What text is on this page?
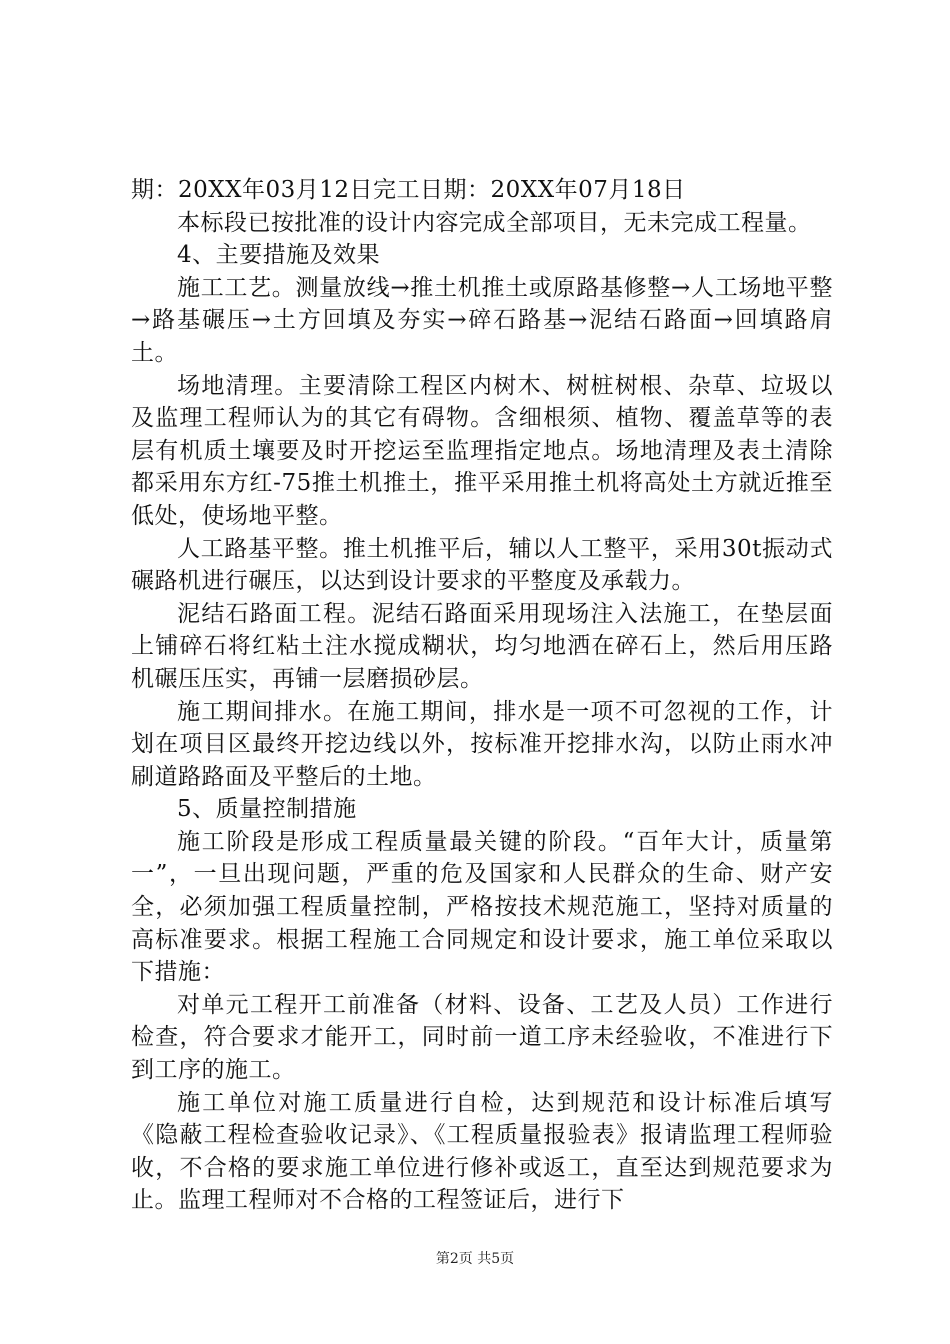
期：20XX年03月12日完工日期：20XX年07月18日

本标段已按批准的设计内容完成全部项目，无未完成工程量。

4、主要措施及效果

施工工艺。测量放线→推土机推土或原路基修整→人工场地平整→路基碾压→土方回填及夯实→碎石路基→泥结石路面→回填路肩土。

场地清理。主要清除工程区内树木、树桩树根、杂草、垃圾以及监理工程师认为的其它有碍物。含细根须、植物、覆盖草等的表层有机质土壤要及时开挖运至监理指定地点。场地清理及表土清除都采用东方红-75推土机推土，推平采用推土机将高处土方就近推至低处，使场地平整。

人工路基平整。推土机推平后，辅以人工整平，采用30t振动式碾路机进行碾压，以达到设计要求的平整度及承载力。

泥结石路面工程。泥结石路面采用现场注入法施工，在垫层面上铺碎石将红粘土注水搅成糊状，均匀地洒在碎石上，然后用压路机碾压压实，再铺一层磨损砂层。

施工期间排水。在施工期间，排水是一项不可忽视的工作，计划在项目区最终开挖边线以外，按标准开挖排水沟，以防止雨水冲刷道路路面及平整后的土地。

5、质量控制措施

施工阶段是形成工程质量最关键的阶段。“百年大计，质量第一”，一旦出现问题，严重的危及国家和人民群众的生命、财产安全，必须加强工程质量控制，严格按技术规范施工，坚持对质量的高标准要求。根据工程施工合同规定和设计要求，施工单位采取以下措施：

对单元工程开工前准备（材料、设备、工艺及人员）工作进行检查，符合要求才能开工，同时前一道工序未经验收，不准进行下到工序的施工。

施工单位对施工质量进行自检，达到规范和设计标准后填写《隐蔽工程检查验收记录》、《工程质量报验表》报请监理工程师验收，不合格的要求施工单位进行修补或返工，直至达到规范要求为止。监理工程师对不合格的工程签证后，进行下

第2页 共5页
